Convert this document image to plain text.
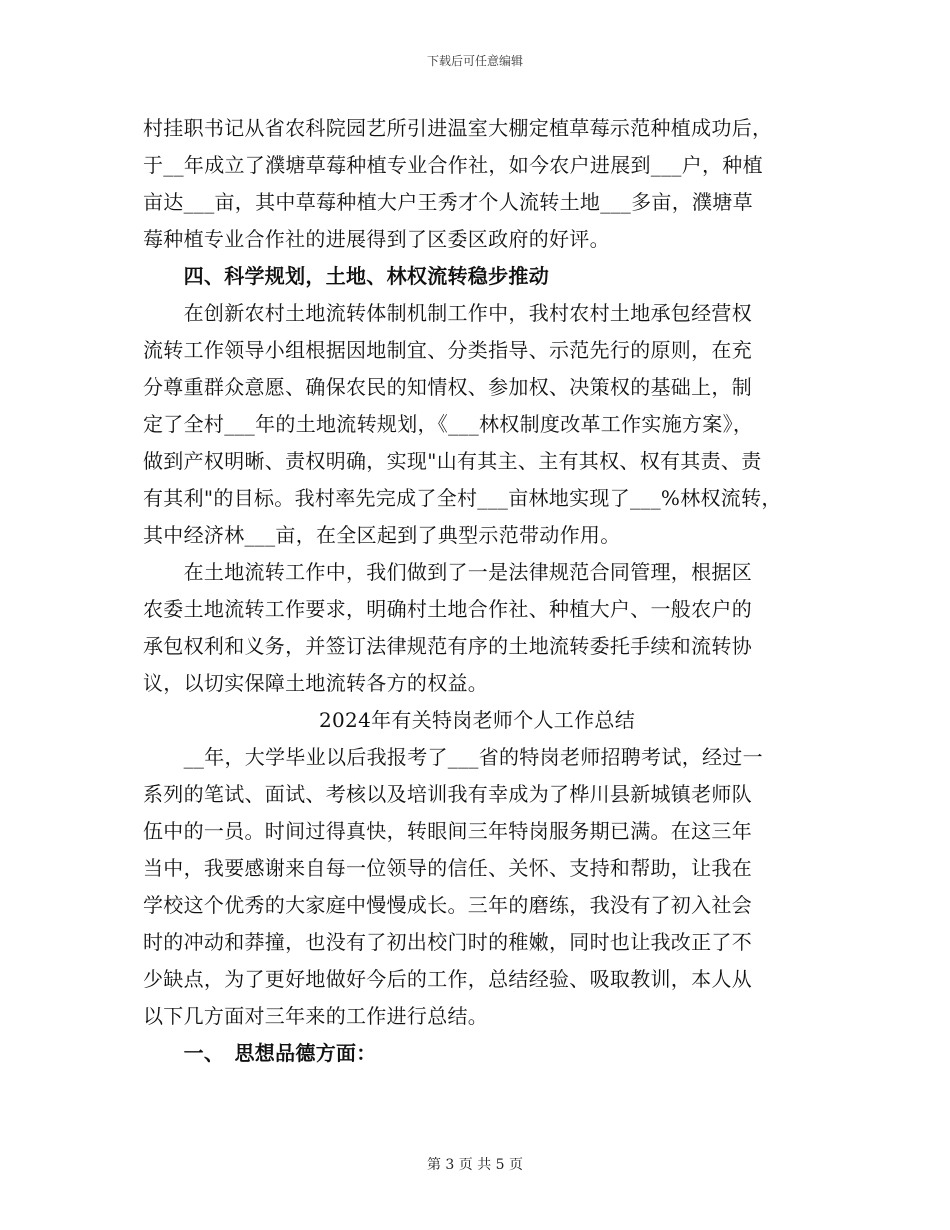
下载后可任意编辑
村挂职书记从省农科院园艺所引进温室大棚定植草莓示范种植成功后，
于__年成立了濮塘草莓种植专业合作社，如今农户进展到___户，种植
亩达___亩，其中草莓种植大户王秀才个人流转土地___多亩，濮塘草
莓种植专业合作社的进展得到了区委区政府的好评。
　　四、科学规划，土地、林权流转稳步推动
　　在创新农村土地流转体制机制工作中，我村农村土地承包经营权
流转工作领导小组根据因地制宜、分类指导、示范先行的原则，在充
分尊重群众意愿、确保农民的知情权、参加权、决策权的基础上，制
定了全村___年的土地流转规划，《___林权制度改革工作实施方案》，
做到产权明晰、责权明确，实现"山有其主、主有其权、权有其责、责
有其利"的目标。我村率先完成了全村___亩林地实现了___%林权流转，
其中经济林___亩，在全区起到了典型示范带动作用。
　　在土地流转工作中，我们做到了一是法律规范合同管理，根据区
农委土地流转工作要求，明确村土地合作社、种植大户、一般农户的
承包权利和义务，并签订法律规范有序的土地流转委托手续和流转协
议，以切实保障土地流转各方的权益。
2024年有关特岗老师个人工作总结
　　__年，大学毕业以后我报考了___省的特岗老师招聘考试，经过一
系列的笔试、面试、考核以及培训我有幸成为了桦川县新城镇老师队
伍中的一员。时间过得真快，转眼间三年特岗服务期已满。在这三年
当中，我要感谢来自每一位领导的信任、关怀、支持和帮助，让我在
学校这个优秀的大家庭中慢慢成长。三年的磨练，我没有了初入社会
时的冲动和莽撞，也没有了初出校门时的稚嫩，同时也让我改正了不
少缺点，为了更好地做好今后的工作，总结经验、吸取教训，本人从
以下几方面对三年来的工作进行总结。
　　一、　思想品德方面：
第 3 页 共 5 页
